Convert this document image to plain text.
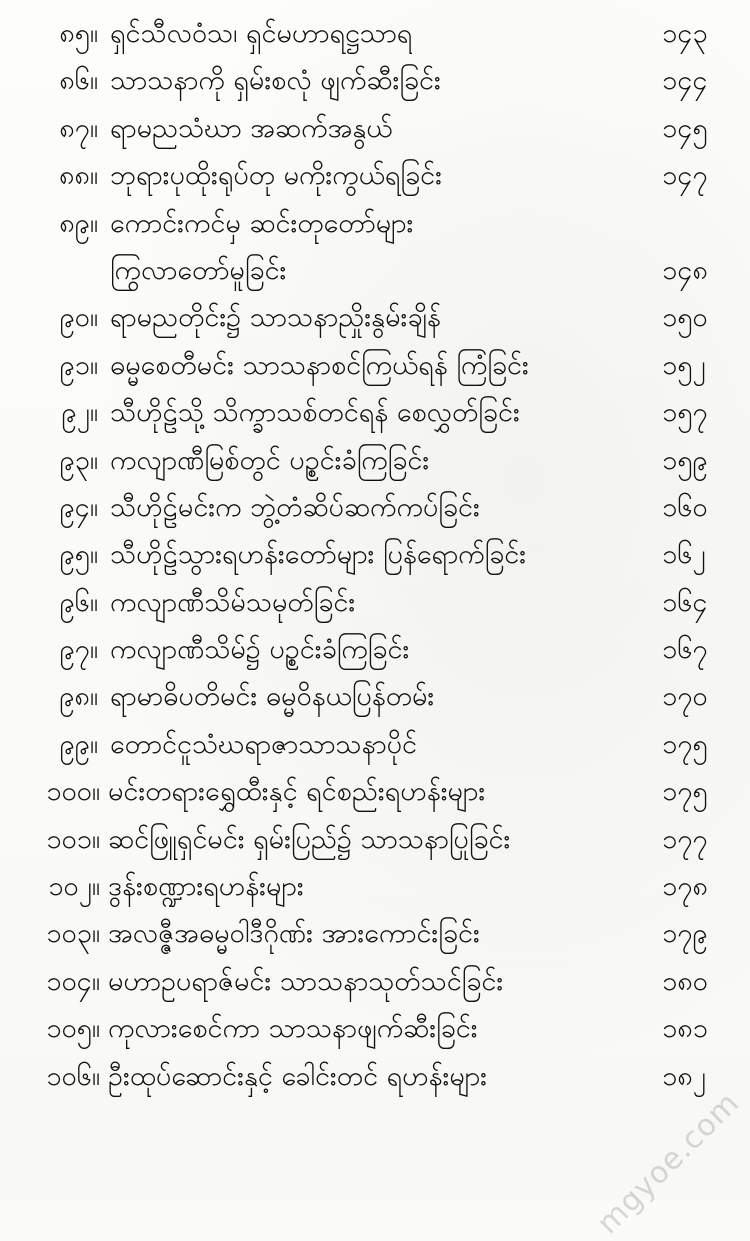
၈၅။ ရှင်သီလဝံသ၊ ရှင်မဟာရဋ္ဌသာရ	၁၄၃
၈၆။ သာသနာကို ရှမ်းစလုံ ဖျက်ဆီးခြင်း	၁၄၄
၈၇။ ရာမညသံဃာ အဆက်အနွယ်	၁၄၅
၈၈။ ဘုရားပုထိုးရုပ်တု မကိုးကွယ်ရခြင်း	၁၄၇
၈၉။ ကောင်းကင်မှ ဆင်းတုတော်များ
ကြွလာတော်မူခြင်း	၁၄၈
၉၀။ ရာမညတိုင်း၌ သာသနာညှိုးနွမ်းချိန်	၁၅၀
၉၁။ ဓမ္မစေတီမင်း သာသနာစင်ကြယ်ရန် ကြံခြင်း	၁၅၂
၉၂။ သီဟိုဠ်သို့ သိက္ခာသစ်တင်ရန် စေလွှတ်ခြင်း	၁၅၇
၉၃။ ကလျာဏီမြစ်တွင် ပဉ္စင်းခံကြခြင်း	၁၅၉
၉၄။ သီဟိုဠ်မင်းက ဘွဲ့တံဆိပ်ဆက်ကပ်ခြင်း	၁၆၀
၉၅။ သီဟိုဠ်သွားရဟန်းတော်များ ပြန်ရောက်ခြင်း	၁၆၂
၉၆။ ကလျာဏီသိမ်သမုတ်ခြင်း	၁၆၄
၉၇။ ကလျာဏီသိမ်၌ ပဉ္စင်းခံကြခြင်း	၁၆၇
၉၈။ ရာမာဓိပတိမင်း ဓမ္မဝိနယပြန်တမ်း	၁၇၀
၉၉။ တောင်ငူသံဃရာဇာသာသနာပိုင်	၁၇၅
၁၀၀။ မင်းတရားရွှေထီးနှင့် ရင်စည်းရဟန်းများ	၁၇၅
၁၀၁။ ဆင်ဖြူရှင်မင်း ရှမ်းပြည်၌ သာသနာပြုခြင်း	၁၇၇
၁၀၂။ ဒွန်းစဏ္ဍားရဟန်းများ	၁၇၈
၁၀၃။ အလဇ္ဇီအဓမ္မဝါဒီဂိုဏ်း အားကောင်းခြင်း	၁၇၉
၁၀၄။ မဟာဥပရာဇ်မင်း သာသနာသုတ်သင်ခြင်း	၁၈၀
၁၀၅။ ကုလားစေင်ကာ သာသနာဖျက်ဆီးခြင်း	၁၈၁
၁၀၆။ ဦးထုပ်ဆောင်းနှင့် ခေါင်းတင် ရဟန်းများ	၁၈၂
mgyoe.com
